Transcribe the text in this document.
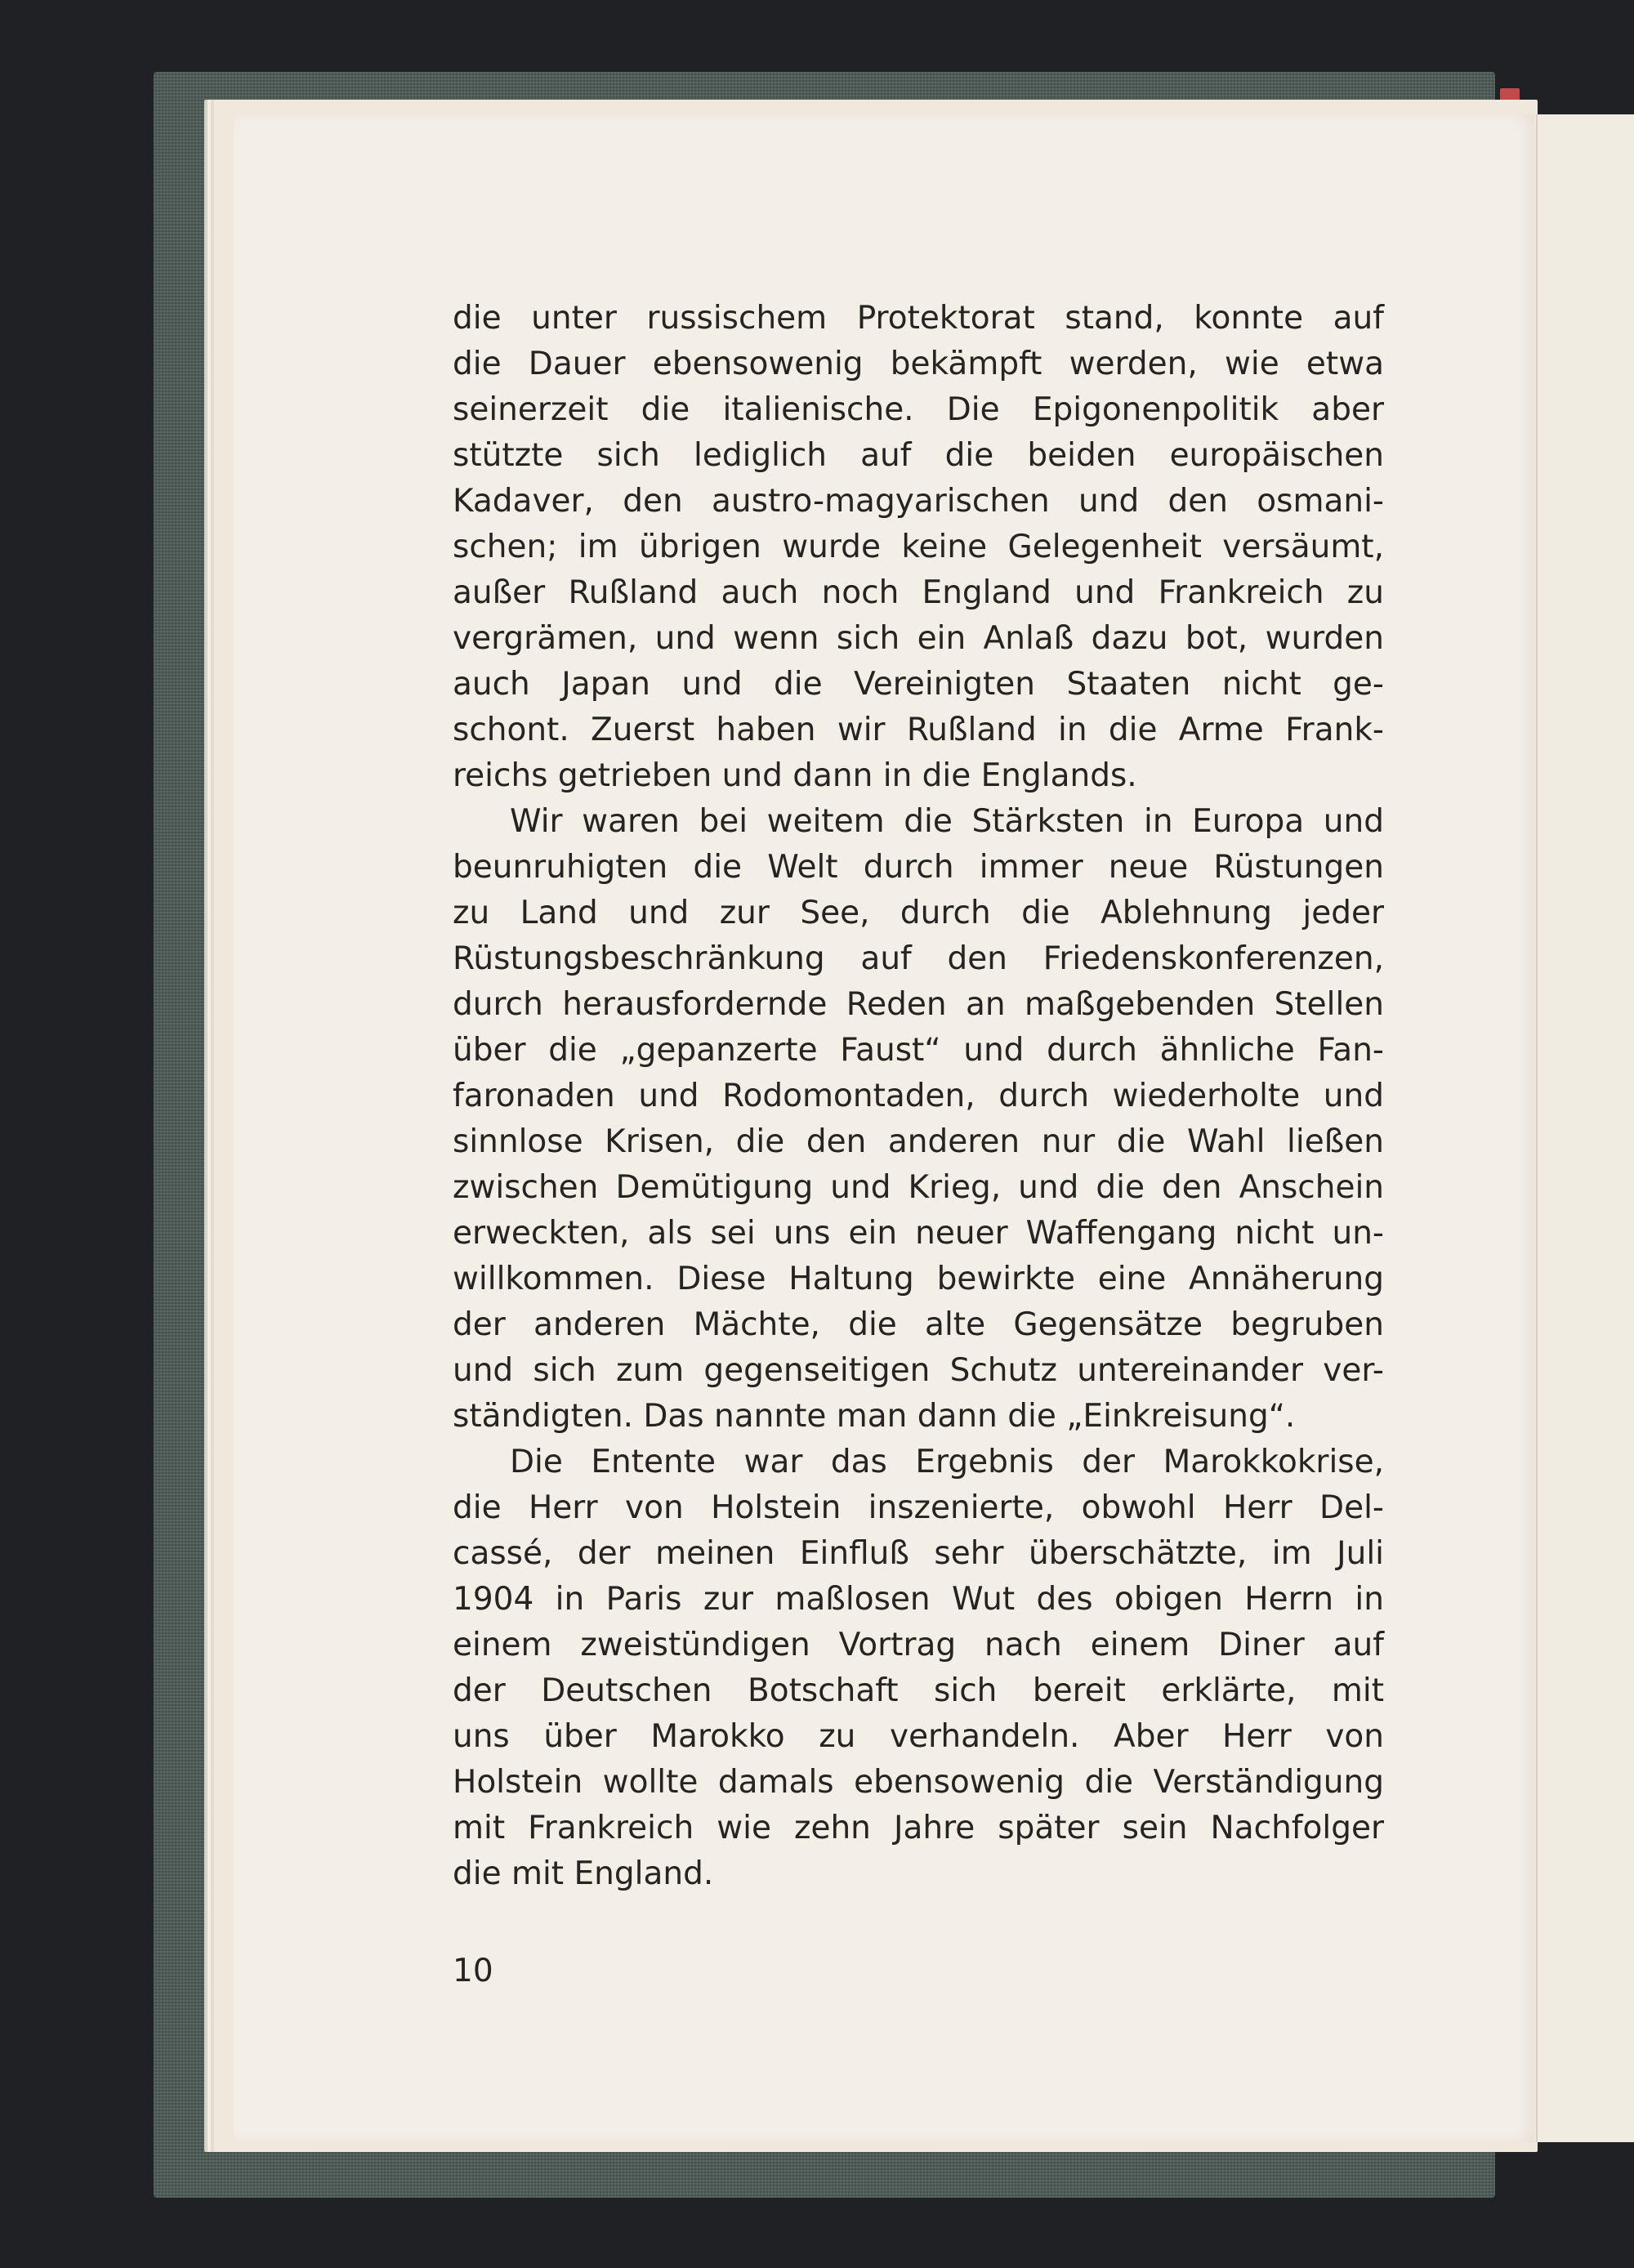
die unter russischem Protektorat stand, konnte auf
die Dauer ebensowenig bekämpft werden, wie etwa
seinerzeit die italienische. Die Epigonenpolitik aber
stützte sich lediglich auf die beiden europäischen
Kadaver, den austro-magyarischen und den osmani-
schen; im übrigen wurde keine Gelegenheit versäumt,
außer Rußland auch noch England und Frankreich zu
vergrämen, und wenn sich ein Anlaß dazu bot, wurden
auch Japan und die Vereinigten Staaten nicht ge-
schont. Zuerst haben wir Rußland in die Arme Frank-
reichs getrieben und dann in die Englands.
Wir waren bei weitem die Stärksten in Europa und
beunruhigten die Welt durch immer neue Rüstungen
zu Land und zur See, durch die Ablehnung jeder
Rüstungsbeschränkung auf den Friedenskonferenzen,
durch herausfordernde Reden an maßgebenden Stellen
über die „gepanzerte Faust“ und durch ähnliche Fan-
faronaden und Rodomontaden, durch wiederholte und
sinnlose Krisen, die den anderen nur die Wahl ließen
zwischen Demütigung und Krieg, und die den Anschein
erweckten, als sei uns ein neuer Waffengang nicht un-
willkommen. Diese Haltung bewirkte eine Annäherung
der anderen Mächte, die alte Gegensätze begruben
und sich zum gegenseitigen Schutz untereinander ver-
ständigten. Das nannte man dann die „Einkreisung“.
Die Entente war das Ergebnis der Marokkokrise,
die Herr von Holstein inszenierte, obwohl Herr Del-
cassé, der meinen Einfluß sehr überschätzte, im Juli
1904 in Paris zur maßlosen Wut des obigen Herrn in
einem zweistündigen Vortrag nach einem Diner auf
der Deutschen Botschaft sich bereit erklärte, mit
uns über Marokko zu verhandeln. Aber Herr von
Holstein wollte damals ebensowenig die Verständigung
mit Frankreich wie zehn Jahre später sein Nachfolger
die mit England.
10
